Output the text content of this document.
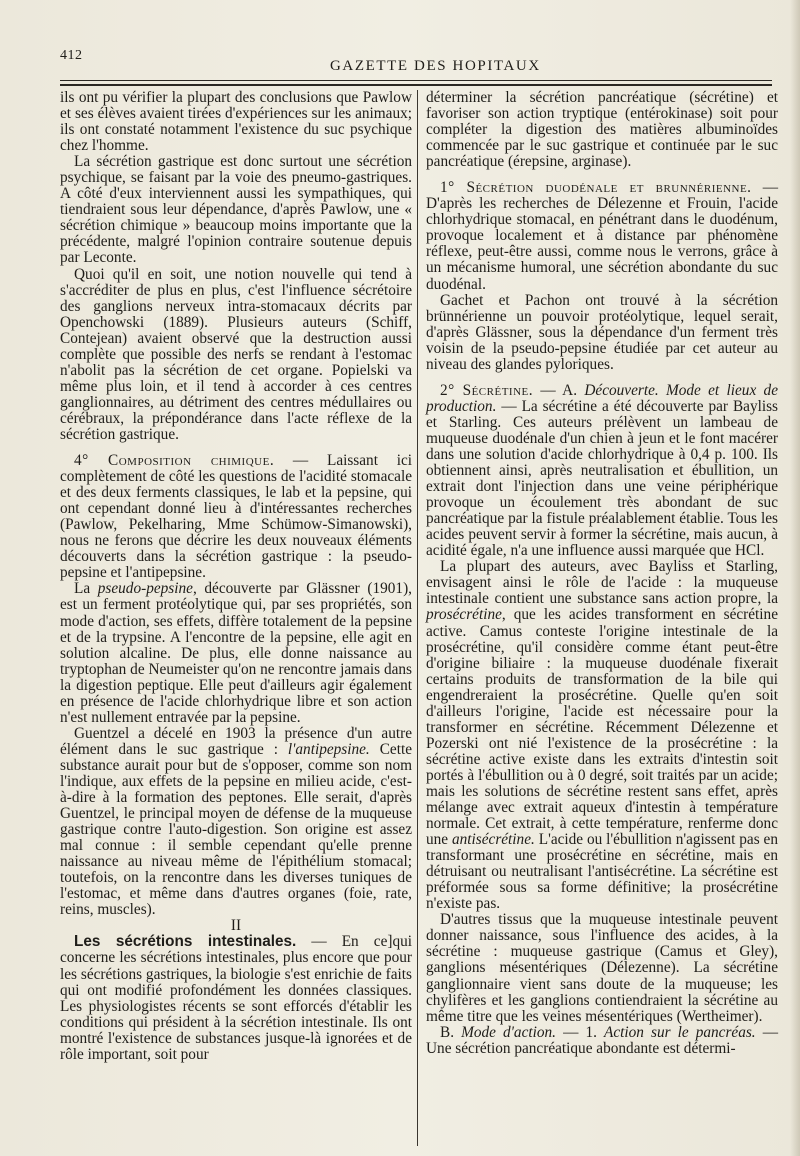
412
GAZETTE DES HOPITAUX

ils ont pu vérifier la plupart des conclusions que Pawlow et ses élèves avaient tirées d'expériences sur les animaux; ils ont constaté notamment l'existence du suc psychique chez l'homme.

La sécrétion gastrique est donc surtout une sécrétion psychique, se faisant par la voie des pneumo-gastriques. A côté d'eux interviennent aussi les sympathiques, qui tiendraient sous leur dépendance, d'après Pawlow, une « sécrétion chimique » beaucoup moins importante que la précédente, malgré l'opinion contraire soutenue depuis par Leconte.

Quoi qu'il en soit, une notion nouvelle qui tend à s'accréditer de plus en plus, c'est l'influence sécrétoire des ganglions nerveux intra-stomacaux décrits par Openchowski (1889). Plusieurs auteurs (Schiff, Contejean) avaient observé que la destruction aussi complète que possible des nerfs se rendant à l'estomac n'abolit pas la sécrétion de cet organe. Popielski va même plus loin, et il tend à accorder à ces centres ganglionnaires, au détriment des centres médullaires ou cérébraux, la prépondérance dans l'acte réflexe de la sécrétion gastrique.

4° Composition chimique. — Laissant ici complètement de côté les questions de l'acidité stomacale et des deux ferments classiques, le lab et la pepsine, qui ont cependant donné lieu à d'intéressantes recherches (Pawlow, Pekelharing, Mme Schümow-Simanowski), nous ne ferons que décrire les deux nouveaux éléments découverts dans la sécrétion gastrique : la pseudo-pepsine et l'antipepsine.

La pseudo-pepsine, découverte par Glässner (1901), est un ferment protéolytique qui, par ses propriétés, son mode d'action, ses effets, diffère totalement de la pepsine et de la trypsine. A l'encontre de la pepsine, elle agit en solution alcaline. De plus, elle donne naissance au tryptophan de Neumeister qu'on ne rencontre jamais dans la digestion peptique. Elle peut d'ailleurs agir également en présence de l'acide chlorhydrique libre et son action n'est nullement entravée par la pepsine.

Guentzel a décelé en 1903 la présence d'un autre élément dans le suc gastrique : l'antipepsine. Cette substance aurait pour but de s'opposer, comme son nom l'indique, aux effets de la pepsine en milieu acide, c'est-à-dire à la formation des peptones. Elle serait, d'après Guentzel, le principal moyen de défense de la muqueuse gastrique contre l'auto-digestion. Son origine est assez mal connue : il semble cependant qu'elle prenne naissance au niveau même de l'épithélium stomacal; toutefois, on la rencontre dans les diverses tuniques de l'estomac, et même dans d'autres organes (foie, rate, reins, muscles).

II

Les sécrétions intestinales. — En ce]qui concerne les sécrétions intestinales, plus encore que pour les sécrétions gastriques, la biologie s'est enrichie de faits qui ont modifié profondément les données classiques. Les physiologistes récents se sont efforcés d'établir les conditions qui président à la sécrétion intestinale. Ils ont montré l'existence de substances jusque-là ignorées et de rôle important, soit pour

déterminer la sécrétion pancréatique (sécrétine) et favoriser son action tryptique (entérokinase) soit pour compléter la digestion des matières albuminoïdes commencée par le suc gastrique et continuée par le suc pancréatique (érepsine, arginase).

1° Sécrétion duodénale et brunnérienne. — D'après les recherches de Délezenne et Frouin, l'acide chlorhydrique stomacal, en pénétrant dans le duodénum, provoque localement et à distance par phénomène réflexe, peut-être aussi, comme nous le verrons, grâce à un mécanisme humoral, une sécrétion abondante du suc duodénal.

Gachet et Pachon ont trouvé à la sécrétion brünnérienne un pouvoir protéolytique, lequel serait, d'après Glässner, sous la dépendance d'un ferment très voisin de la pseudo-pepsine étudiée par cet auteur au niveau des glandes pyloriques.

2° Sécrétine. — A. Découverte. Mode et lieux de production. — La sécrétine a été découverte par Bayliss et Starling. Ces auteurs prélèvent un lambeau de muqueuse duodénale d'un chien à jeun et le font macérer dans une solution d'acide chlorhydrique à 0,4 p. 100. Ils obtiennent ainsi, après neutralisation et ébullition, un extrait dont l'injection dans une veine périphérique provoque un écoulement très abondant de suc pancréatique par la fistule préalablement établie. Tous les acides peuvent servir à former la sécrétine, mais aucun, à acidité égale, n'a une influence aussi marquée que HCl.

La plupart des auteurs, avec Bayliss et Starling, envisagent ainsi le rôle de l'acide : la muqueuse intestinale contient une substance sans action propre, la prosécrétine, que les acides transforment en sécrétine active. Camus conteste l'origine intestinale de la prosécrétine, qu'il considère comme étant peut-être d'origine biliaire : la muqueuse duodénale fixerait certains produits de transformation de la bile qui engendreraient la prosécrétine. Quelle qu'en soit d'ailleurs l'origine, l'acide est nécessaire pour la transformer en sécrétine. Récemment Délezenne et Pozerski ont nié l'existence de la prosécrétine : la sécrétine active existe dans les extraits d'intestin soit portés à l'ébullition ou à 0 degré, soit traités par un acide; mais les solutions de sécrétine restent sans effet, après mélange avec extrait aqueux d'intestin à température normale. Cet extrait, à cette température, renferme donc une antisécrétine. L'acide ou l'ébullition n'agissent pas en transformant une prosécrétine en sécrétine, mais en détruisant ou neutralisant l'antisécrétine. La sécrétine est préformée sous sa forme définitive; la prosécrétine n'existe pas.

D'autres tissus que la muqueuse intestinale peuvent donner naissance, sous l'influence des acides, à la sécrétine : muqueuse gastrique (Camus et Gley), ganglions mésentériques (Délezenne). La sécrétine ganglionnaire vient sans doute de la muqueuse; les chylifères et les ganglions contiendraient la sécrétine au même titre que les veines mésentériques (Wertheimer).

B. Mode d'action. — 1. Action sur le pancréas. — Une sécrétion pancréatique abondante est détermi-
